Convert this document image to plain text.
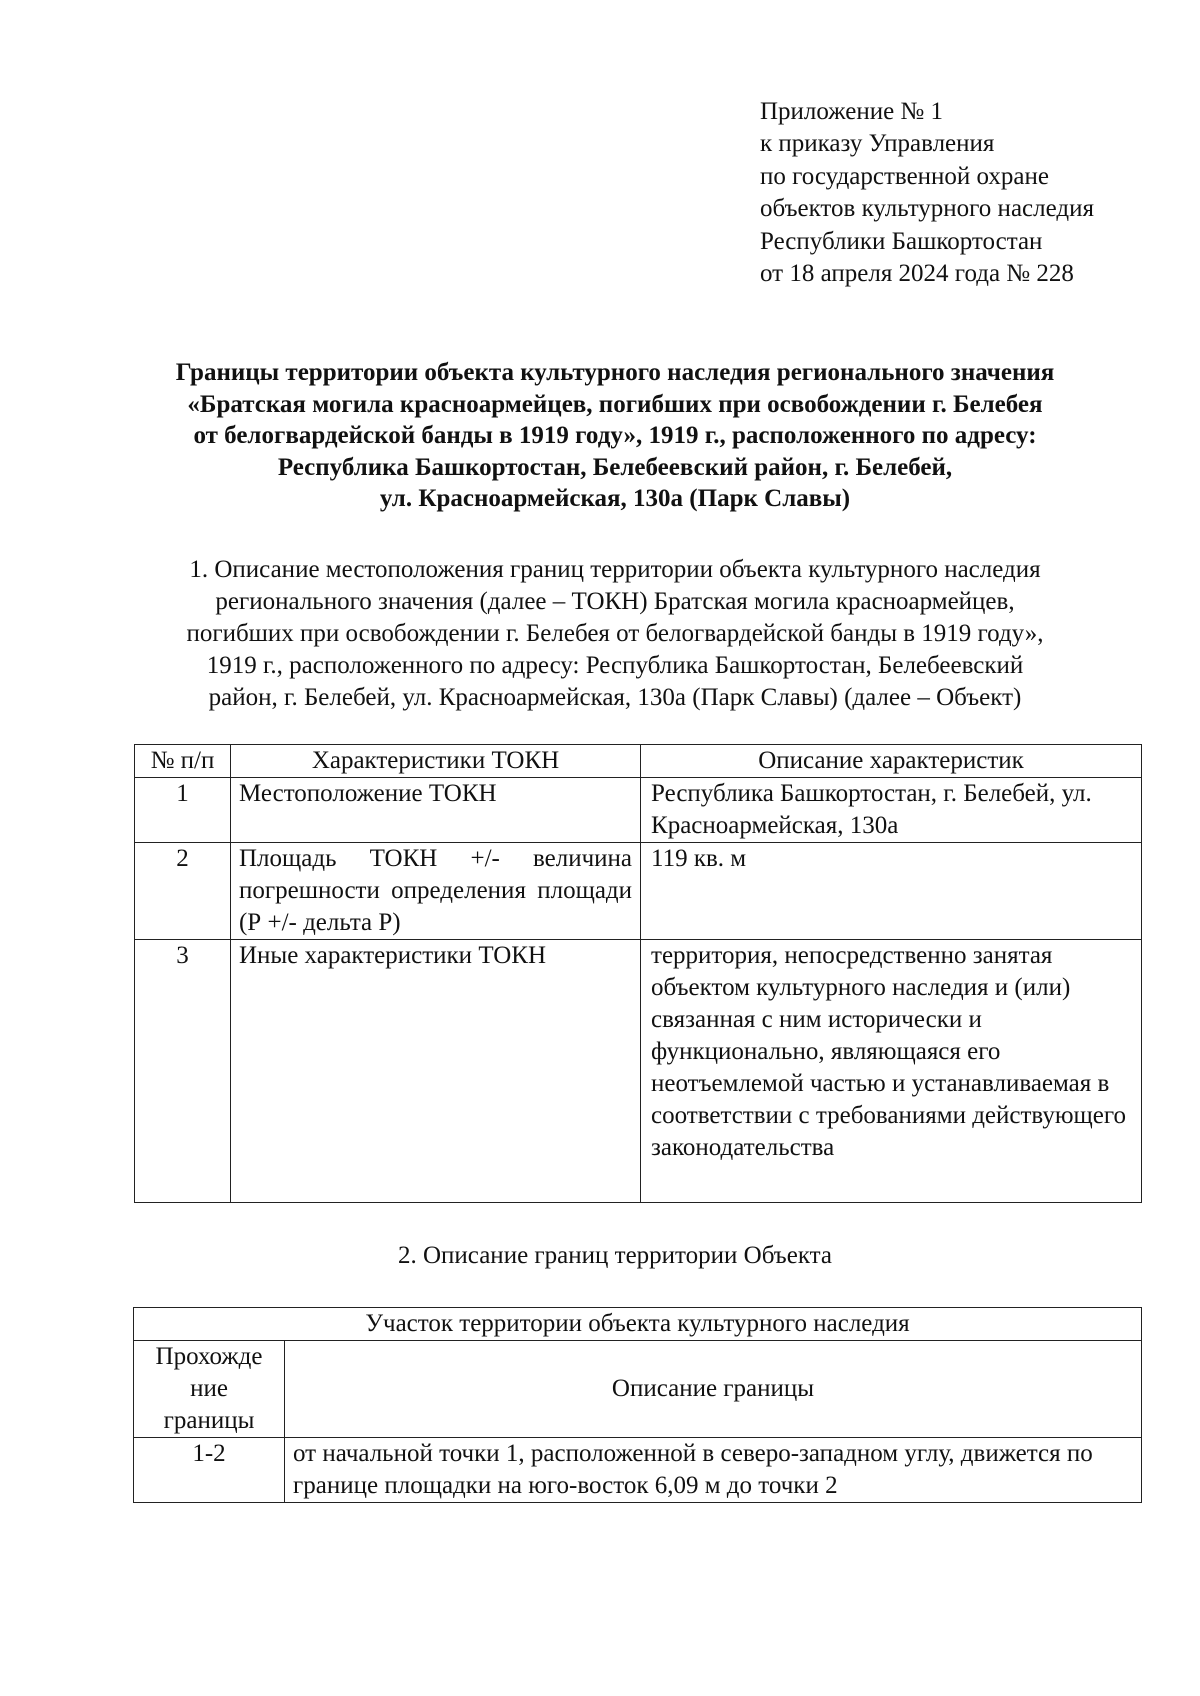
Приложение № 1
к приказу Управления
по государственной охране
объектов культурного наследия
Республики Башкортостан
от 18 апреля 2024 года № 228
Границы территории объекта культурного наследия регионального значения
«Братская могила красноармейцев, погибших при освобождении г. Белебея
от белогвардейской банды в 1919 году», 1919 г., расположенного по адресу:
Республика Башкортостан, Белебеевский район, г. Белебей,
ул. Красноармейская, 130а (Парк Славы)
1. Описание местоположения границ территории объекта культурного наследия
регионального значения (далее – ТОКН) Братская могила красноармейцев,
погибших при освобождении г. Белебея от белогвардейской банды в 1919 году»,
1919 г., расположенного по адресу: Республика Башкортостан, Белебеевский
район, г. Белебей, ул. Красноармейская, 130а (Парк Славы) (далее – Объект)
№ п/п	Характеристики ТОКН	Описание характеристик
1	Местоположение ТОКН	Республика Башкортостан, г. Белебей, ул. Красноармейская, 130а
2	Площадь ТОКН +/- величина погрешности определения площади (Р +/- дельта Р)	119 кв. м
3	Иные характеристики ТОКН	территория, непосредственно занятая объектом культурного наследия и (или) связанная с ним исторически и функционально, являющаяся его неотъемлемой частью и устанавливаемая в соответствии с требованиями действующего законодательства
2. Описание границ территории Объекта
Участок территории объекта культурного наследия	

Прохожде
ние
границы	Описание границы
1-2	от начальной точки 1, расположенной в северо-западном углу, движется по границе площадки на юго-восток 6,09 м до точки 2
